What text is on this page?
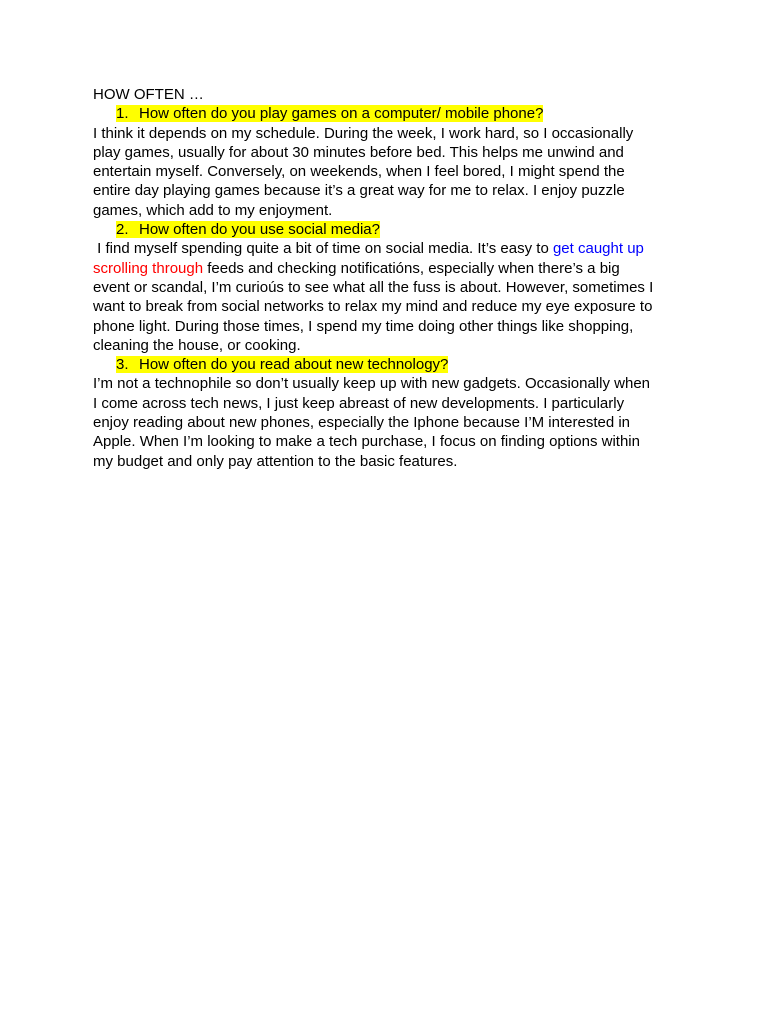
HOW OFTEN …
1. How often do you play games on a computer/ mobile phone?
I think it depends on my schedule. During the week, I work hard, so I occasionally
play games, usually for about 30 minutes before bed. This helps me unwind and
entertain myself. Conversely, on weekends, when I feel bored, I might spend the
entire day playing games because it’s a great way for me to relax. I enjoy puzzle
games, which add to my enjoyment.
2. How often do you use social media?
I find myself spending quite a bit of time on social media. It’s easy to get caught up
scrolling through feeds and checking notificatións, especially when there’s a big
event or scandal, I’m curioús to see what all the fuss is about. However, sometimes I
want to break from social networks to relax my mind and reduce my eye exposure to
phone light. During those times, I spend my time doing other things like shopping,
cleaning the house, or cooking.
3. How often do you read about new technology?
I’m not a technophile so don’t usually keep up with new gadgets. Occasionally when
I come across tech news, I just keep abreast of new developments. I particularly
enjoy reading about new phones, especially the Iphone because I’M interested in
Apple. When I’m looking to make a tech purchase, I focus on finding options within
my budget and only pay attention to the basic features.
